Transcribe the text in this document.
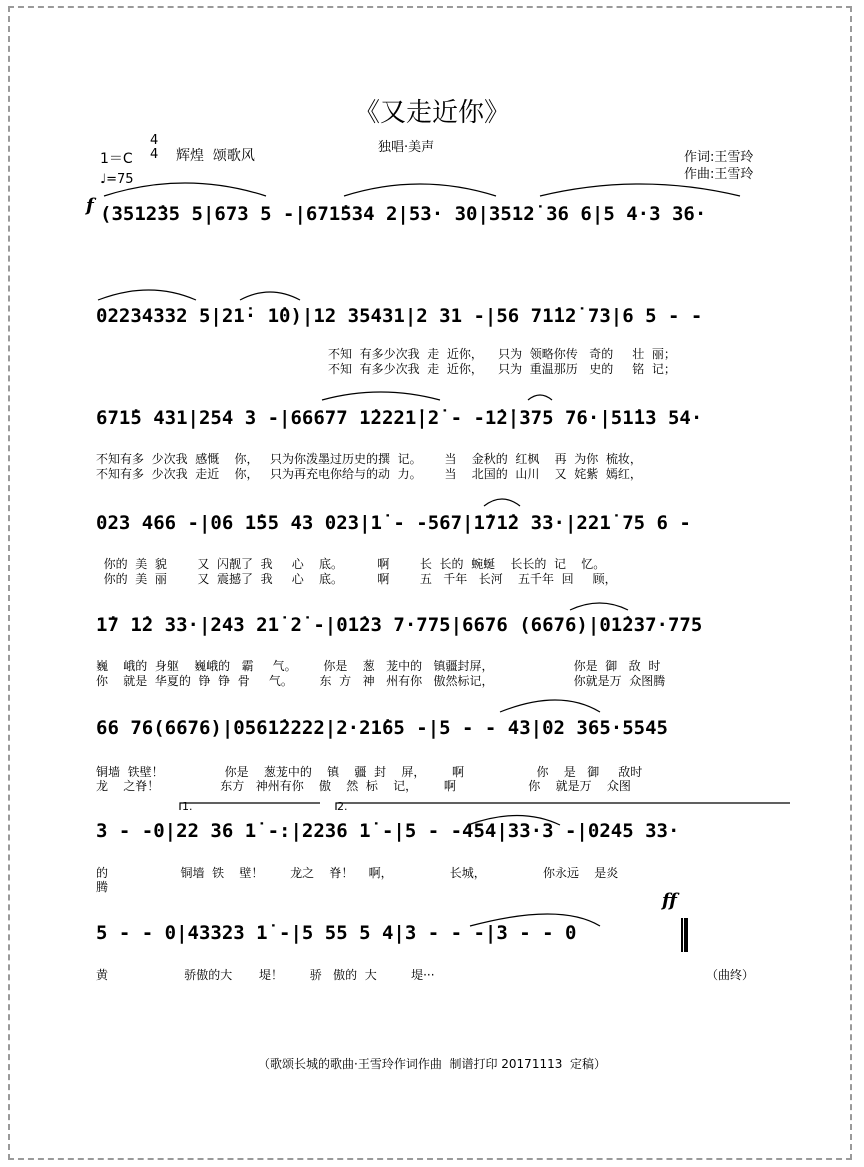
《又走近你》
1＝C
4
4 辉煌  颂歌风
♩=75
独唱·美声
作词:王雪玲
作曲:王雪玲
f
ff
(3512̇35 5|673 5 -|671̇534 2|53· 30|3512̇ 36 6|5 4·3 36·
02234332 5|21̇· 1̇0)|12 35431|2 31 -|56 71̇12̇ 73|6 5 - -
不知  有多少次我  走  近你，    只为  领略你传   奇的     壮  丽；
不知  有多少次我  走  近你，    只为  重温那历   史的     铭  记；
671̇5 431|254 3 -|66677 1̇2221̇|2̇ - -1̇2̇|375 76·|51̇13 54·
不知有多  少次我  感慨    你，   只为你泼墨过历史的撰  记。      当    金秋的  红枫    再  为你  梳妆，
不知有多  少次我  走近    你，   只为再充电你给与的动  力。      当    北国的  山川    又  姹紫  嫣红，
023 466 -|06 1̇55 43 023|1̇ - -567|1̇71̇2 33·|221̇ 75 6 -
你的  美  貌        又  闪靓了  我     心    底。         啊        长  长的  蜿蜒    长长的  记    忆。
你的  美  丽        又  震撼了  我     心    底。         啊        五   千年   长河    五千年  回     顾，
1̇7 1̇2 33·|243 21̇ 2̇ -|01̇23 7·775|6676 (6676)|01̇237·775
巍    峨的  身躯    巍峨的   霸     气。       你是    葱   茏中的   镇疆封屏，                     你是  御   敌  时
你    就是  华夏的  铮  铮  骨     气。       东  方   神   州有你   傲然标记，                     你就是万  众图腾
66 76(6676)|0561̇2222|2·21̇65 -|5 - - 43|02 365·5545
铜墙  铁壁！                你是    葱茏中的    镇    疆  封    屏，       啊                   你    是   御     敌时
龙    之脊！                东方   神州有你    傲    然  标    记，       啊                   你    就是万    众图
1.	2.
3 - -0|22 36 1̇ -:|2236 1̇ -|5 - -454|33·3 -|0245 33·
的                   铜墙  铁    壁！       龙之    脊！    啊，               长城，               你永远    是炎
腾
5 - - 0|43323 1̇ -|5 55 5 4|3 - - -|3 - - 0
黄                    骄傲的大       堤！       骄   傲的  大         堤···	（曲终）
（歌颂长城的歌曲·王雪玲作词作曲  制谱打印 20171113  定稿）
